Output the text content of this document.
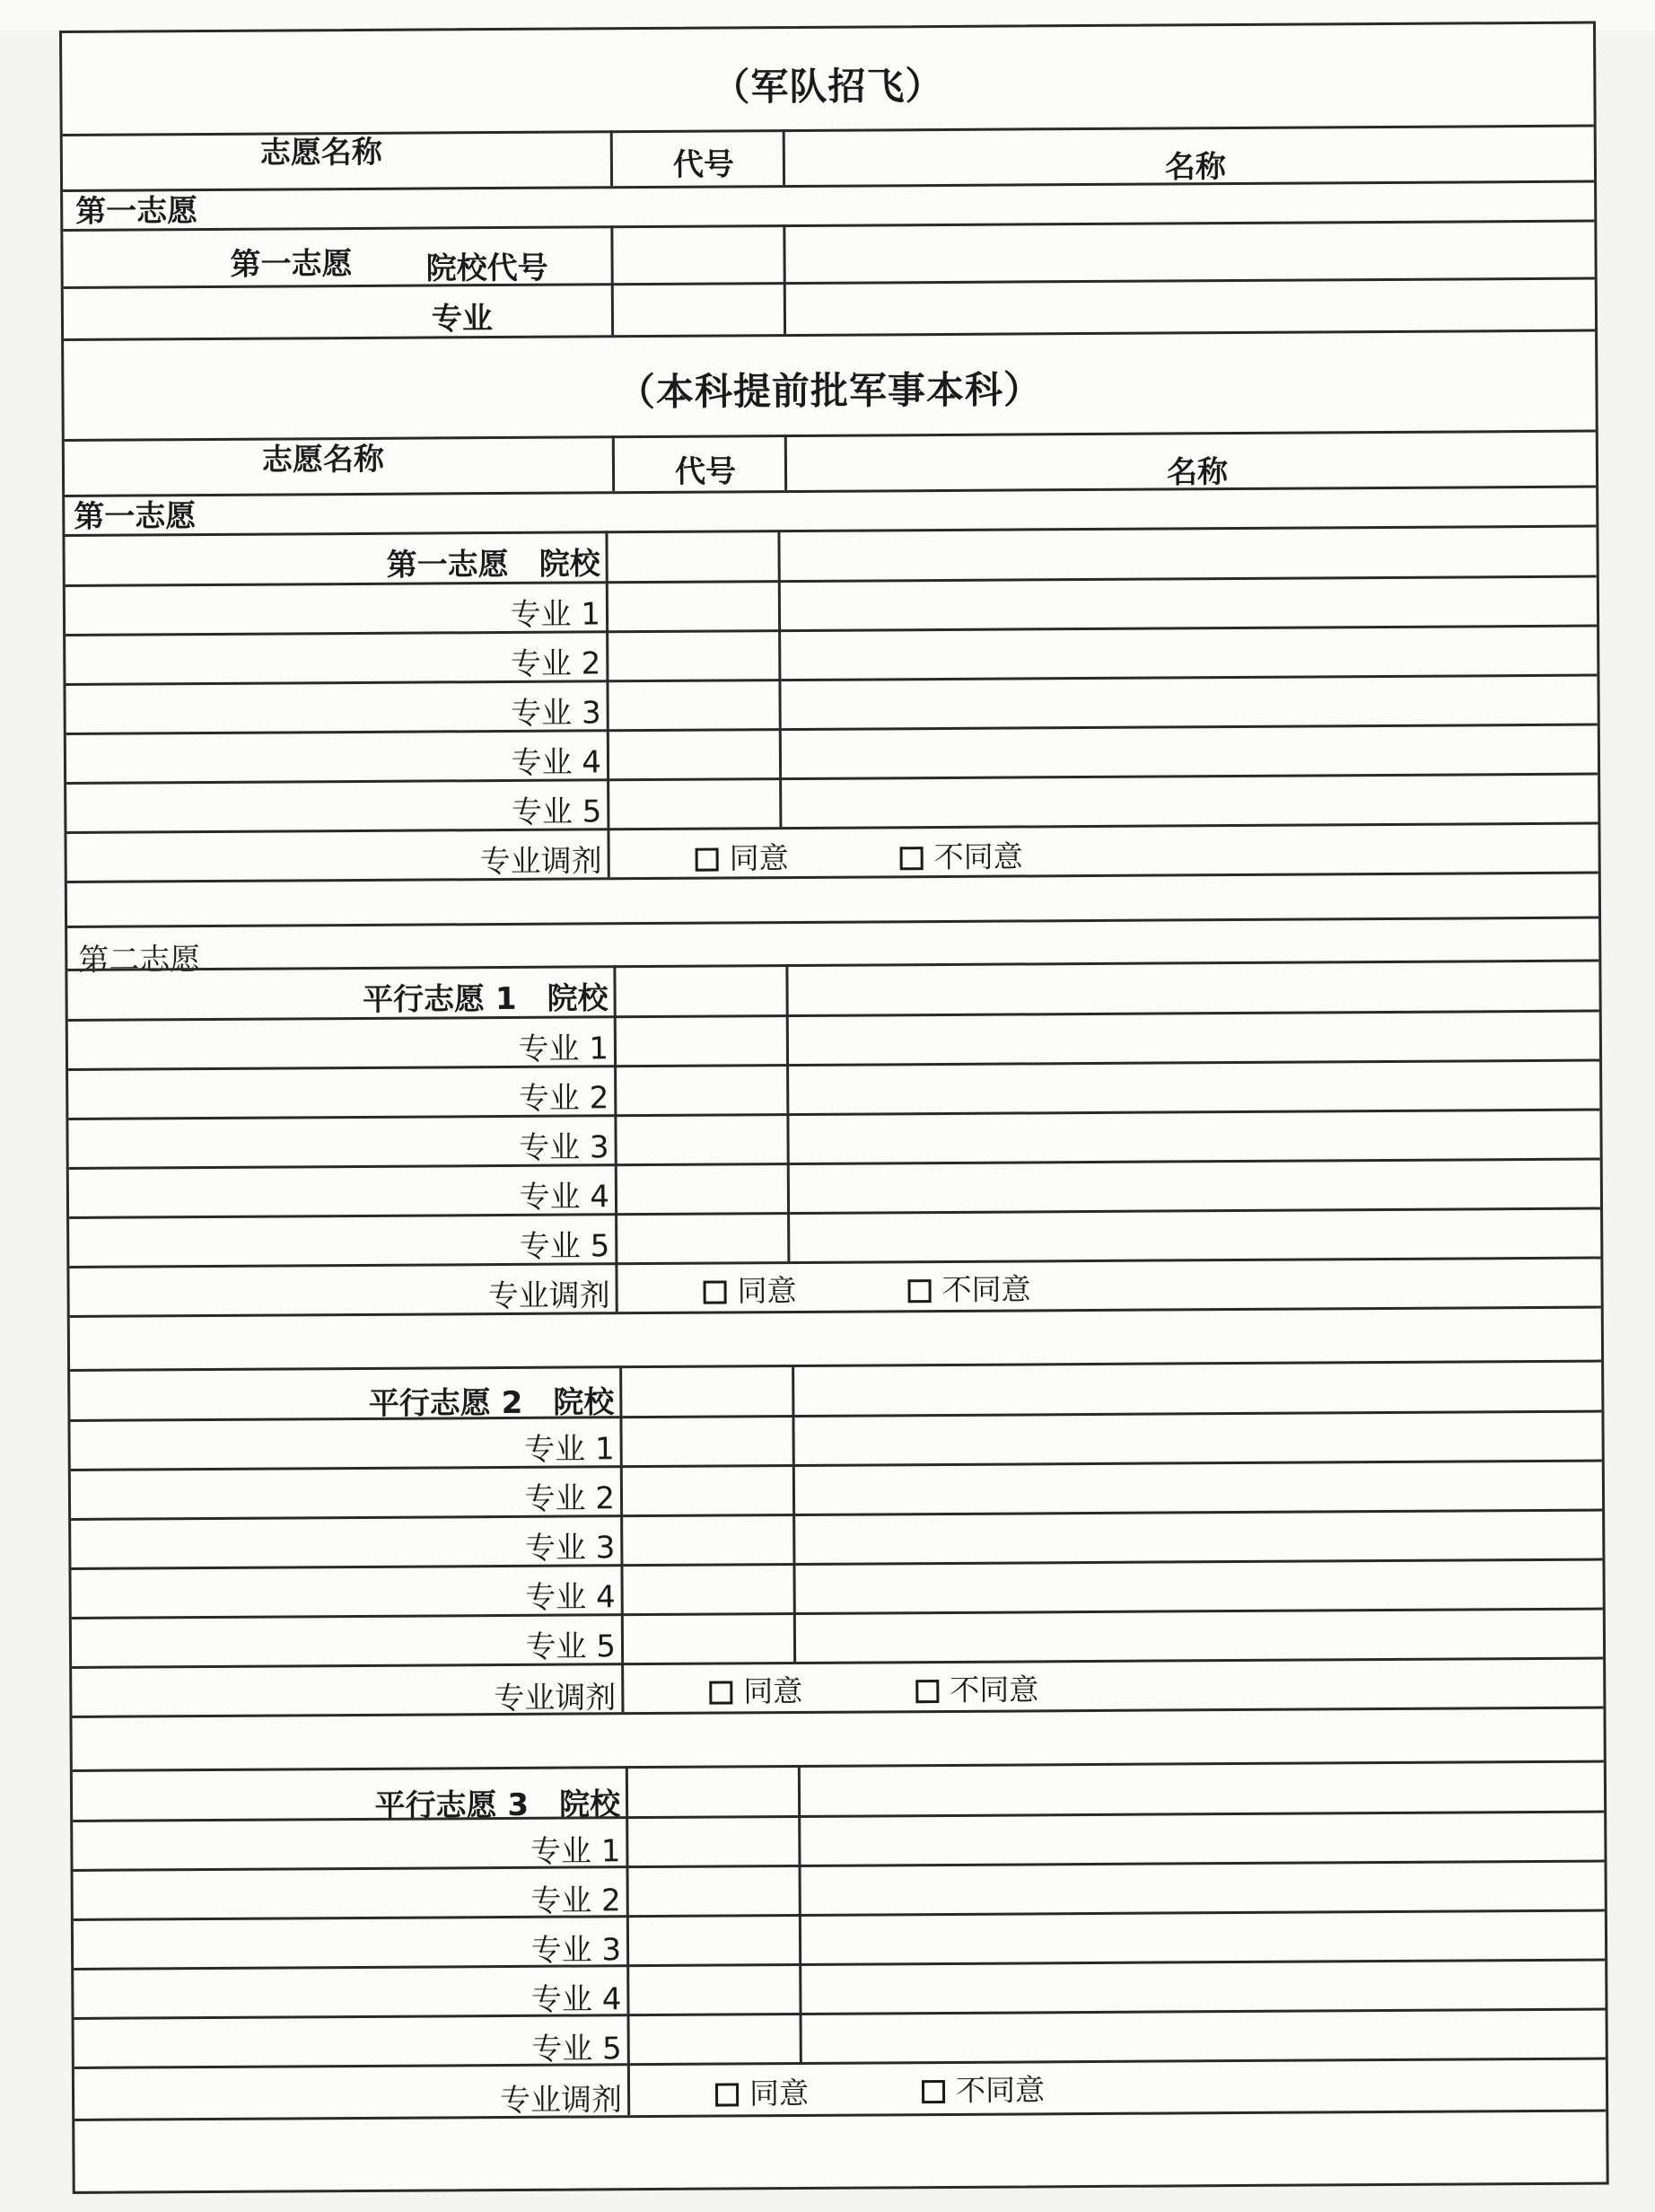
（军队招飞）
志愿名称	代号	名称
第一志愿
第一志愿 院校代号
专业
（本科提前批军事本科）
志愿名称	代号	名称
第一志愿
第一志愿　院校
专业 1
专业 2
专业 3
专业 4
专业 5
专业调剂	同意	不同意
第二志愿
平行志愿 1　院校
专业 1
专业 2
专业 3
专业 4
专业 5
专业调剂	同意	不同意
平行志愿 2　院校
专业 1
专业 2
专业 3
专业 4
专业 5
专业调剂	同意	不同意
平行志愿 3　院校
专业 1
专业 2
专业 3
专业 4
专业 5
专业调剂	同意	不同意
